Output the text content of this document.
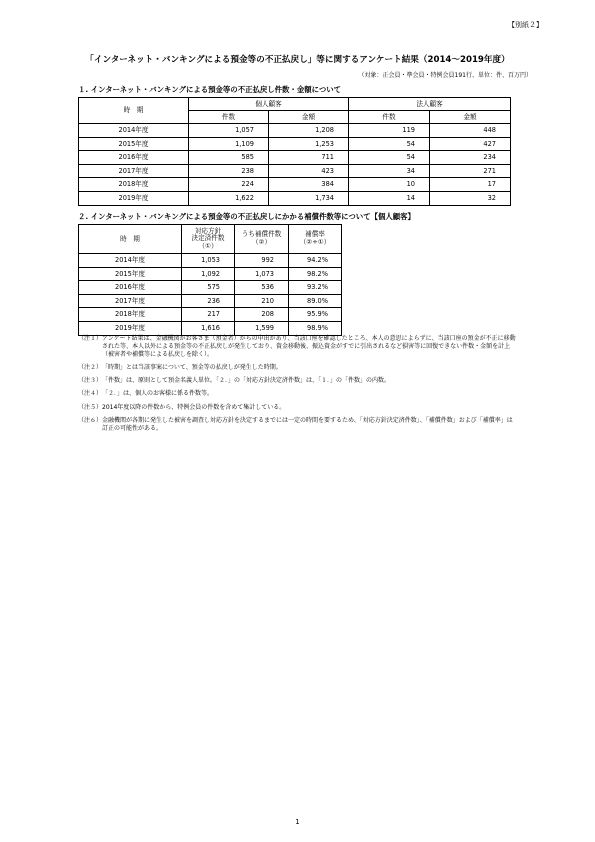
【別紙２】
「インターネット・バンキングによる預金等の不正払戻し」等に関するアンケート結果（2014～2019年度）
（対象：正会員・準会員・特例会員191行、単位：件、百万円）
１. インターネット・バンキングによる預金等の不正払戻し件数・金額について
時　期	個人顧客		法人顧客	
	件数	金額	件数	金額
2014年度	1,057	1,208	119	448
2015年度	1,109	1,253	54	427
2016年度	585	711	54	234
2017年度	238	423	34	271
2018年度	224	384	10	17
2019年度	1,622	1,734	14	32
２. インターネット・バンキングによる預金等の不正払戻しにかかる補償件数等について【個人顧客】
時　期	対応方針
決定済件数
（①）	うち補償件数
（②）	補償率
（②÷①）
2014年度	1,053	992	94.2%
2015年度	1,092	1,073	98.2%
2016年度	575	536	93.2%
2017年度	236	210	89.0%
2018年度	217	208	95.9%
2019年度	1,616	1,599	98.9%
（注１） アンケート結果は、金融機関がお客さま（預金者）からの申出があり、当該口座を確認したところ、本人の意思によらずに、当該口座の預金が不正に移動された等、本人以外による預金等の不正払戻しが発生しており、資金移動後、振込資金がすでに引出されるなど損害等に回復できない件数・金額を計上（被害者や補償等による払戻しを除く）。
（注２） 「時期」とは当該事案について、預金等の払戻しが発生した時期。
（注３） 「件数」は、原則として預金名義人単位。「２．」の「対応方針決定済件数」は、「１．」の「件数」の内数。
（注４） 「２．」は、個人のお客様に係る件数等。
（注５） 2014年度以降の件数から、特例会員の件数を含めて集計している。
（注６） 金融機関が各期に発生した被害を調査し対応方針を決定するまでには一定の時間を要するため、「対応方針決定済件数」、「補償件数」および「補償率」は訂正の可能性がある。
1
